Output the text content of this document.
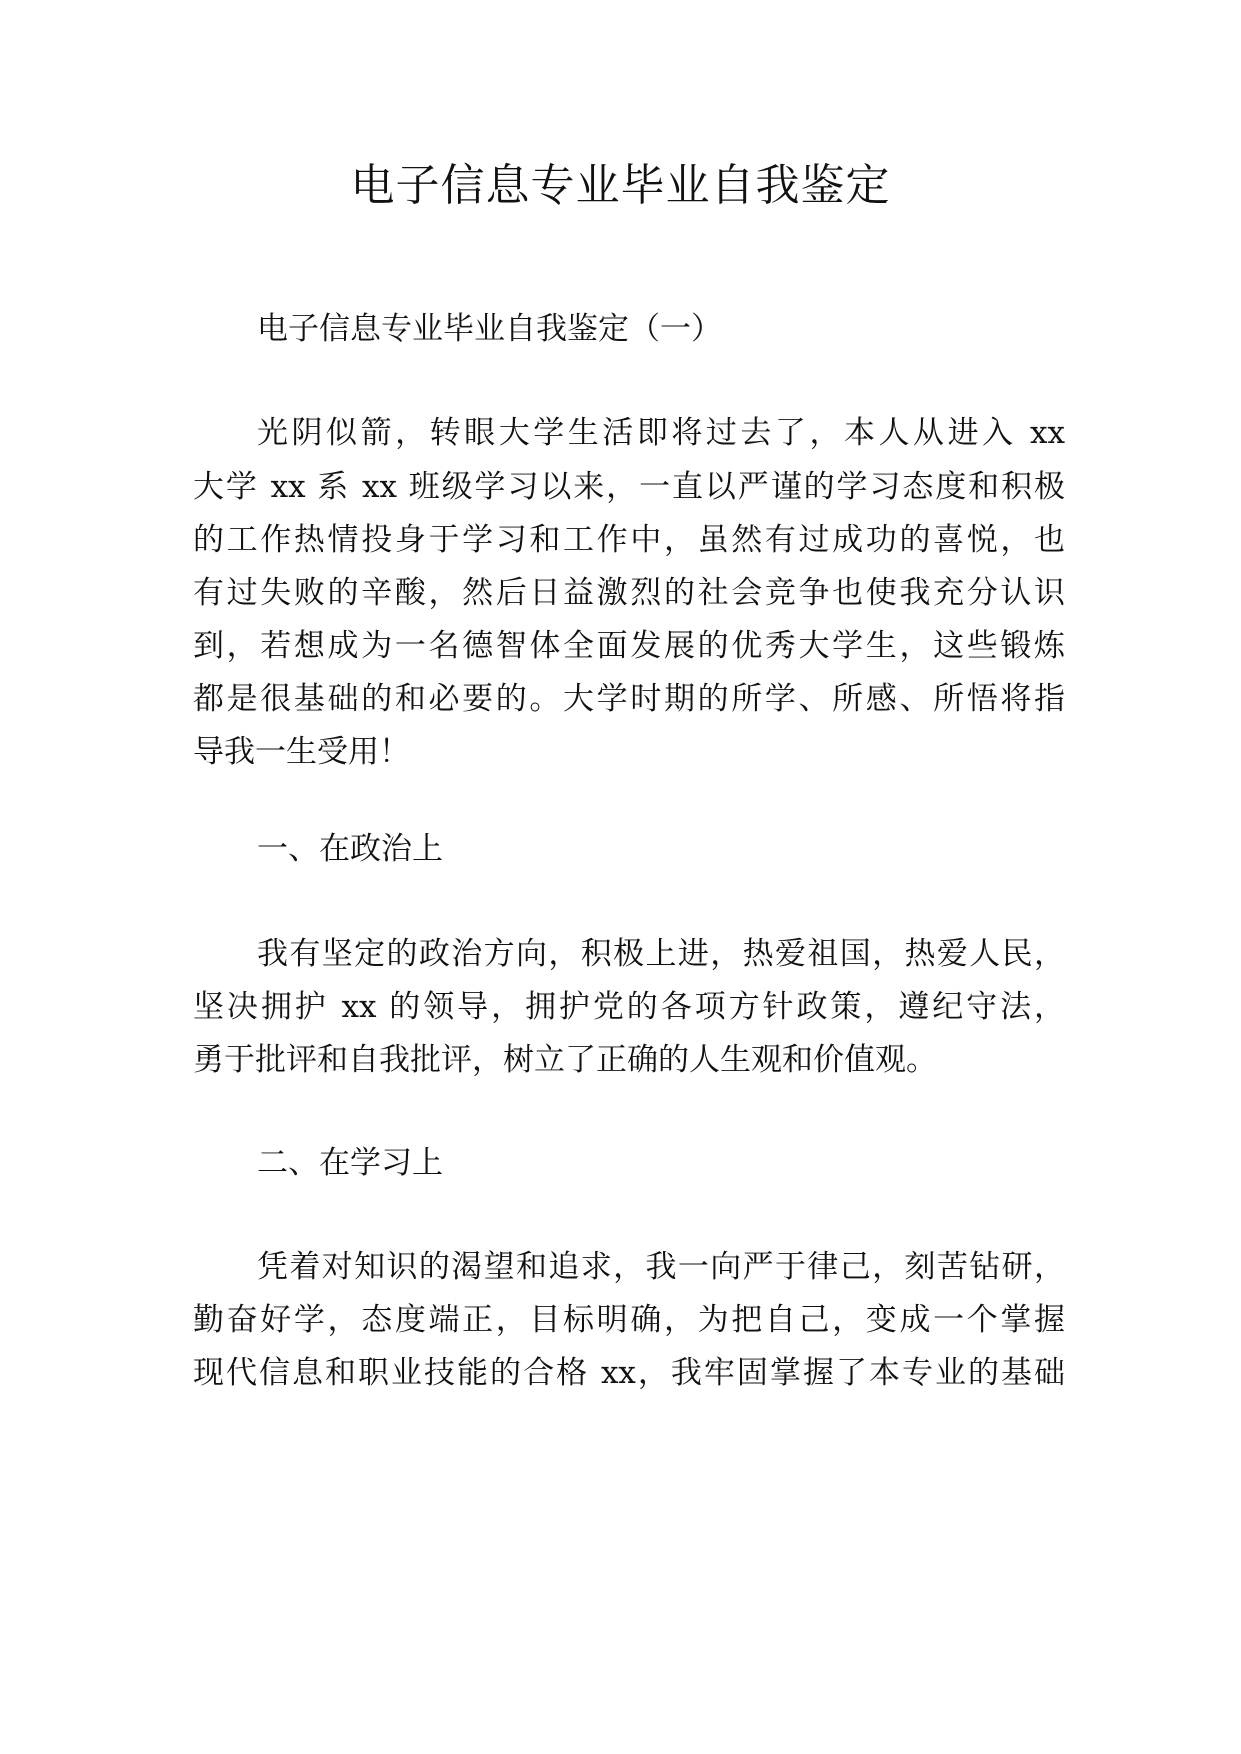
电子信息专业毕业自我鉴定
电子信息专业毕业自我鉴定（一）
光阴似箭，转眼大学生活即将过去了，本人从进入 xx
大学 xx 系 xx 班级学习以来，一直以严谨的学习态度和积极
的工作热情投身于学习和工作中，虽然有过成功的喜悦，也
有过失败的辛酸，然后日益激烈的社会竞争也使我充分认识
到，若想成为一名德智体全面发展的优秀大学生，这些锻炼
都是很基础的和必要的。大学时期的所学、所感、所悟将指
导我一生受用！
一、在政治上
我有坚定的政治方向，积极上进，热爱祖国，热爱人民，
坚决拥护 xx 的领导，拥护党的各项方针政策，遵纪守法，
勇于批评和自我批评，树立了正确的人生观和价值观。
二、在学习上
凭着对知识的渴望和追求，我一向严于律己，刻苦钻研，
勤奋好学，态度端正，目标明确，为把自己，变成一个掌握
现代信息和职业技能的合格 xx，我牢固掌握了本专业的基础
